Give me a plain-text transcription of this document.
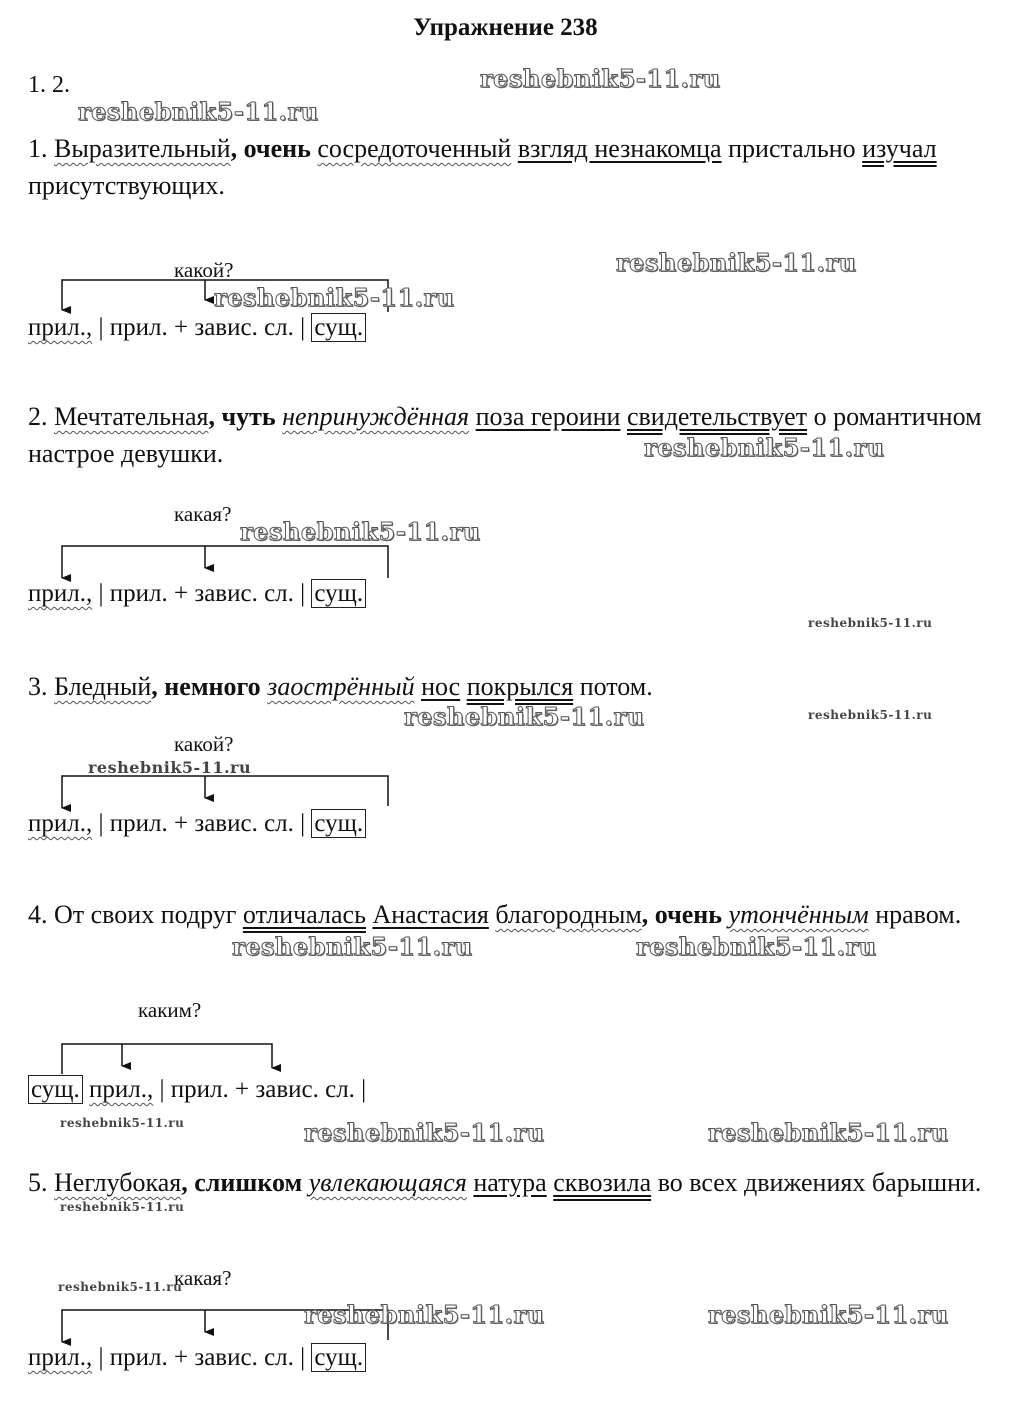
Упражнение 238
1. 2.
1. Выразительный, очень сосредоточенный взгляд незнакомца пристально изучал присутствующих.
какой?
прил., | прил. + завис. сл. | сущ.
2. Мечтательная, чуть непринуждённая поза героини свидетельствует о романтичном настрое девушки.
какая?
прил., | прил. + завис. сл. | сущ.
3. Бледный, немного заострённый нос покрылся потом.
какой?
прил., | прил. + завис. сл. | сущ.
4. От своих подруг отличалась Анастасия благородным, очень утончённым нравом.
каким?
сущ. прил., | прил. + завис. сл. |
5. Неглубокая, слишком увлекающаяся натура сквозила во всех движениях барышни.
какая?
прил., | прил. + завис. сл. | сущ.
reshebnik5-11.ru
reshebnik5-11.ru
reshebnik5-11.ru
reshebnik5-11.ru
reshebnik5-11.ru
reshebnik5-11.ru
reshebnik5-11.ru
reshebnik5-11.ru	reshebnik5-11.ru
reshebnik5-11.ru
reshebnik5-11.ru	reshebnik5-11.ru
reshebnik5-11.ru	reshebnik5-11.ru	reshebnik5-11.ru
reshebnik5-11.ru
reshebnik5-11.ru
reshebnik5-11.ru	reshebnik5-11.ru
